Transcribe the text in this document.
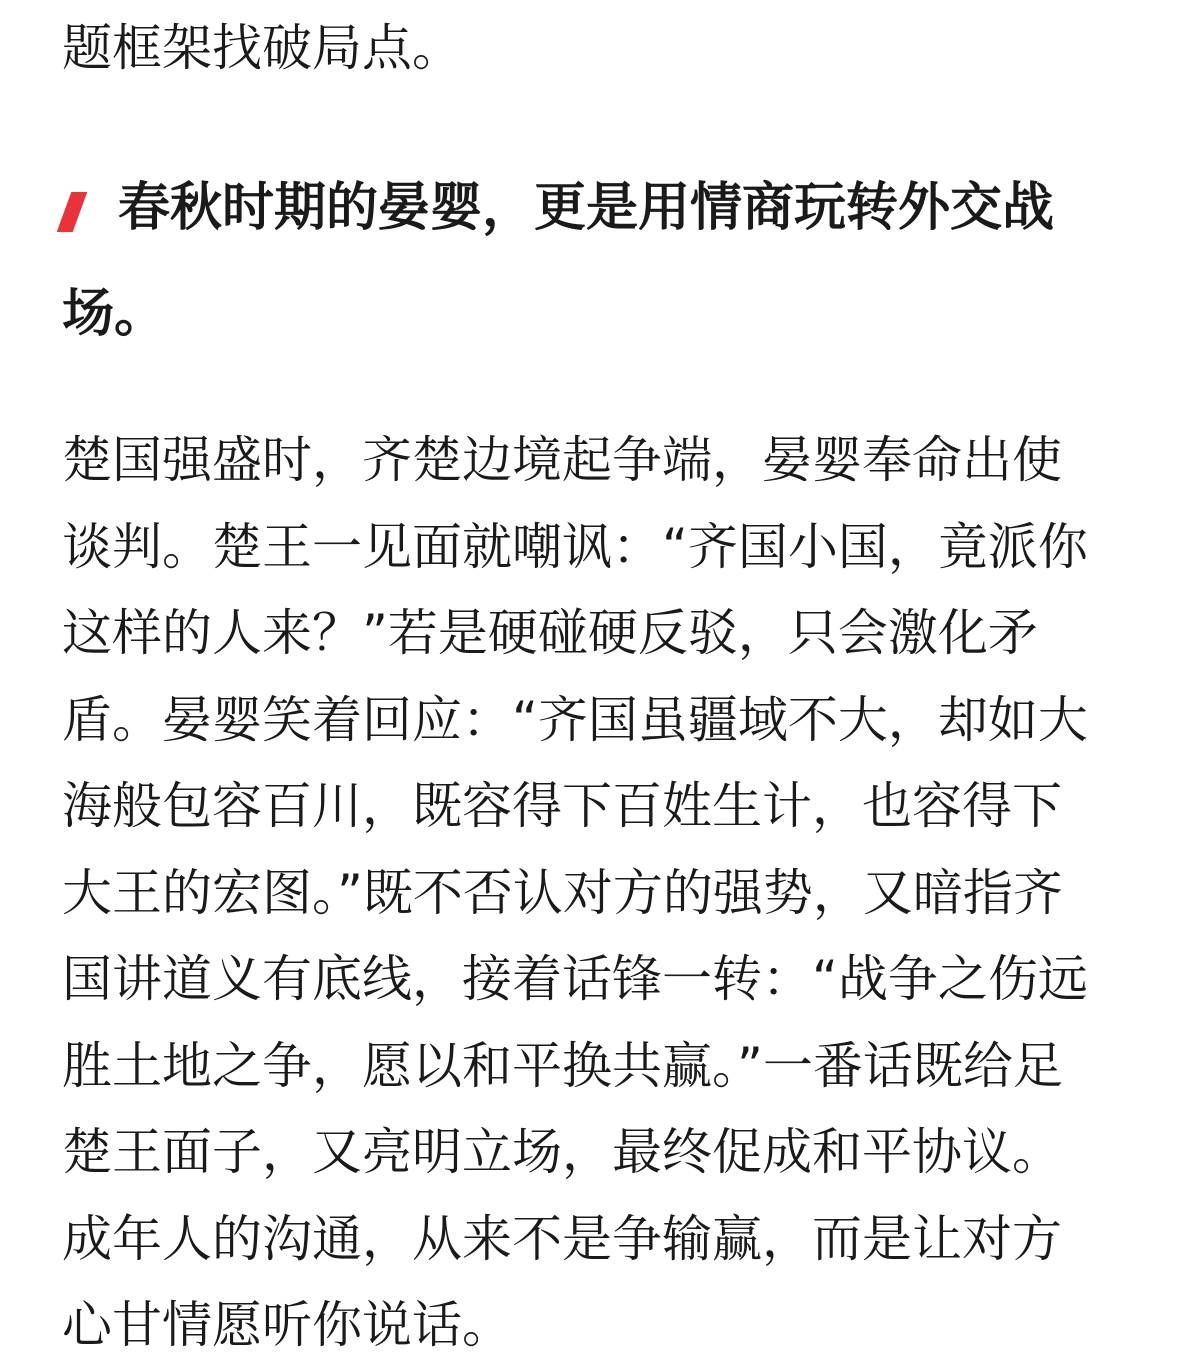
题框架找破局点。

春秋时期的晏婴，更是用情商玩转外交战
场。

楚国强盛时，齐楚边境起争端，晏婴奉命出使
谈判。楚王一见面就嘲讽：“齐国小国，竟派你
这样的人来？”若是硬碰硬反驳，只会激化矛
盾。晏婴笑着回应：“齐国虽疆域不大，却如大
海般包容百川，既容得下百姓生计，也容得下
大王的宏图。”既不否认对方的强势，又暗指齐
国讲道义有底线，接着话锋一转：“战争之伤远
胜土地之争，愿以和平换共赢。”一番话既给足
楚王面子，又亮明立场，最终促成和平协议。
成年人的沟通，从来不是争输赢，而是让对方
心甘情愿听你说话。
